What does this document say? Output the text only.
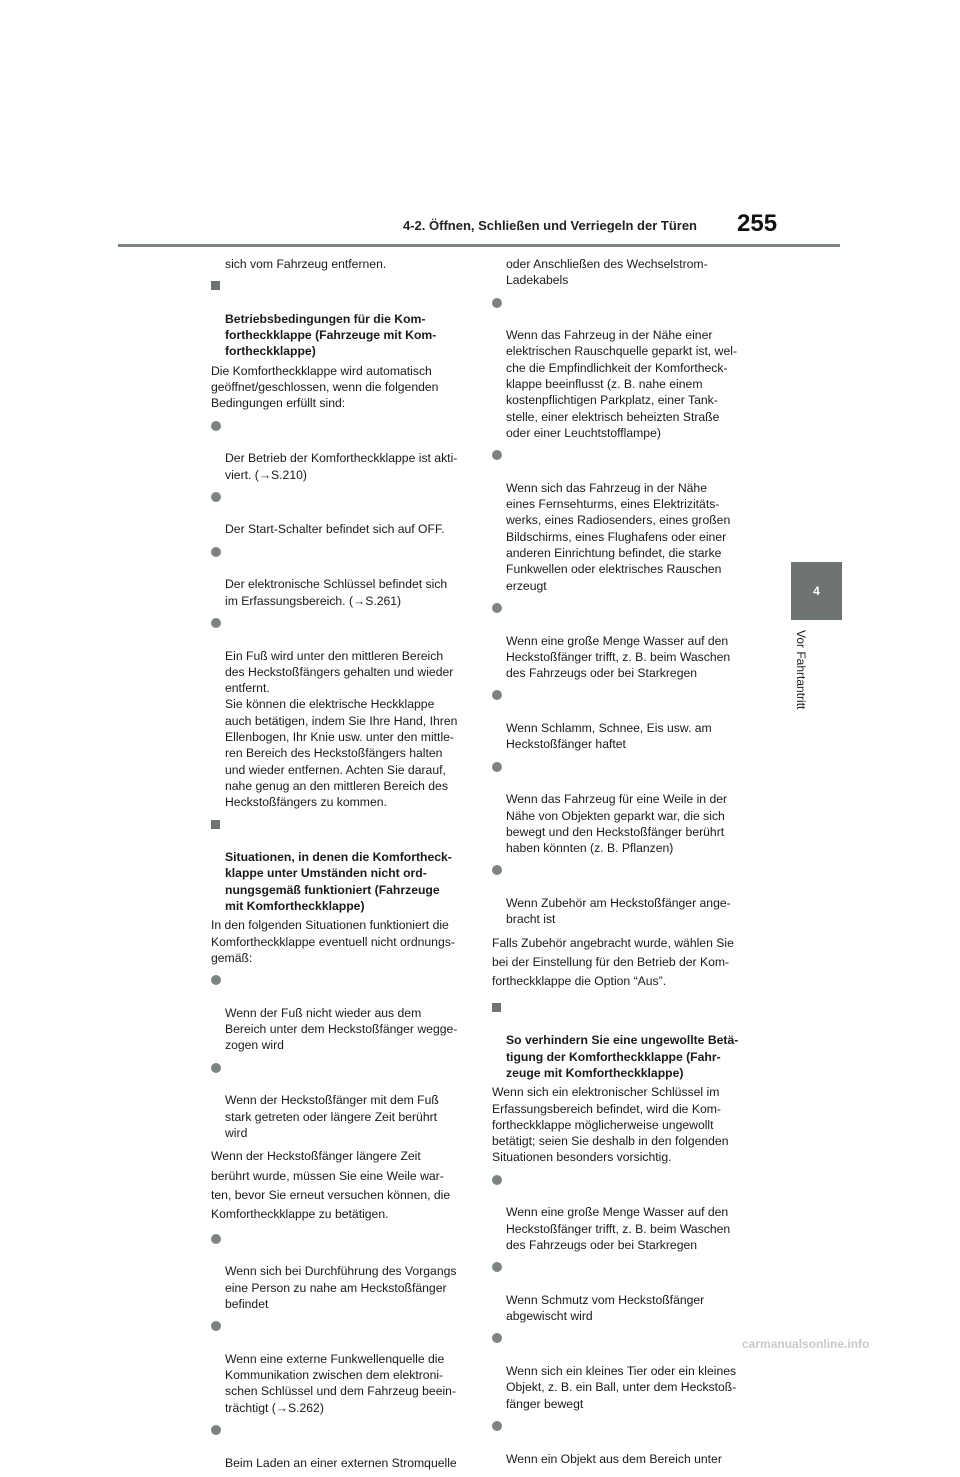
4-2. Öffnen, Schließen und Verriegeln der Türen 255
4
Vor Fahrtantritt

sich vom Fahrzeug entfernen.

Betriebsbedingungen für die Kom-
fortheckklappe (Fahrzeuge mit Kom-
fortheckklappe)

Die Komfortheckklappe wird automatisch
geöffnet/geschlossen, wenn die folgenden
Bedingungen erfüllt sind:

Der Betrieb der Komfortheckklappe ist akti-
viert. (→S.210)

Der Start-Schalter befindet sich auf OFF.

Der elektronische Schlüssel befindet sich
im Erfassungsbereich. (→S.261)

Ein Fuß wird unter den mittleren Bereich
des Heckstoßfängers gehalten und wieder
entfernt.
Sie können die elektrische Heckklappe
auch betätigen, indem Sie Ihre Hand, Ihren
Ellenbogen, Ihr Knie usw. unter den mittle-
ren Bereich des Heckstoßfängers halten
und wieder entfernen. Achten Sie darauf,
nahe genug an den mittleren Bereich des
Heckstoßfängers zu kommen.

Situationen, in denen die Komfortheck-
klappe unter Umständen nicht ord-
nungsgemäß funktioniert (Fahrzeuge
mit Komfortheckklappe)

In den folgenden Situationen funktioniert die
Komfortheckklappe eventuell nicht ordnungs-
gemäß:

Wenn der Fuß nicht wieder aus dem
Bereich unter dem Heckstoßfänger wegge-
zogen wird

Wenn der Heckstoßfänger mit dem Fuß
stark getreten oder längere Zeit berührt
wird

Wenn der Heckstoßfänger längere Zeit

berührt wurde, müssen Sie eine Weile war-

ten, bevor Sie erneut versuchen können, die

Komfortheckklappe zu betätigen.

Wenn sich bei Durchführung des Vorgangs
eine Person zu nahe am Heckstoßfänger
befindet

Wenn eine externe Funkwellenquelle die
Kommunikation zwischen dem elektroni-
schen Schlüssel und dem Fahrzeug beein-
trächtigt (→S.262)

Beim Laden an einer externen Stromquelle

oder Anschließen des Wechselstrom-
Ladekabels

Wenn das Fahrzeug in der Nähe einer
elektrischen Rauschquelle geparkt ist, wel-
che die Empfindlichkeit der Komfortheck-
klappe beeinflusst (z. B. nahe einem
kostenpflichtigen Parkplatz, einer Tank-
stelle, einer elektrisch beheizten Straße
oder einer Leuchtstofflampe)

Wenn sich das Fahrzeug in der Nähe
eines Fernsehturms, eines Elektrizitäts-
werks, eines Radiosenders, eines großen
Bildschirms, eines Flughafens oder einer
anderen Einrichtung befindet, die starke
Funkwellen oder elektrisches Rauschen
erzeugt

Wenn eine große Menge Wasser auf den
Heckstoßfänger trifft, z. B. beim Waschen
des Fahrzeugs oder bei Starkregen

Wenn Schlamm, Schnee, Eis usw. am
Heckstoßfänger haftet

Wenn das Fahrzeug für eine Weile in der
Nähe von Objekten geparkt war, die sich
bewegt und den Heckstoßfänger berührt
haben könnten (z. B. Pflanzen)

Wenn Zubehör am Heckstoßfänger ange-
bracht ist

Falls Zubehör angebracht wurde, wählen Sie

bei der Einstellung für den Betrieb der Kom-

fortheckklappe die Option “Aus”.

So verhindern Sie eine ungewollte Betä-
tigung der Komfortheckklappe (Fahr-
zeuge mit Komfortheckklappe)

Wenn sich ein elektronischer Schlüssel im
Erfassungsbereich befindet, wird die Kom-
fortheckklappe möglicherweise ungewollt
betätigt; seien Sie deshalb in den folgenden
Situationen besonders vorsichtig.

Wenn eine große Menge Wasser auf den
Heckstoßfänger trifft, z. B. beim Waschen
des Fahrzeugs oder bei Starkregen

Wenn Schmutz vom Heckstoßfänger
abgewischt wird

Wenn sich ein kleines Tier oder ein kleines
Objekt, z. B. ein Ball, unter dem Heckstoß-
fänger bewegt

Wenn ein Objekt aus dem Bereich unter

carmanualsonline.info
